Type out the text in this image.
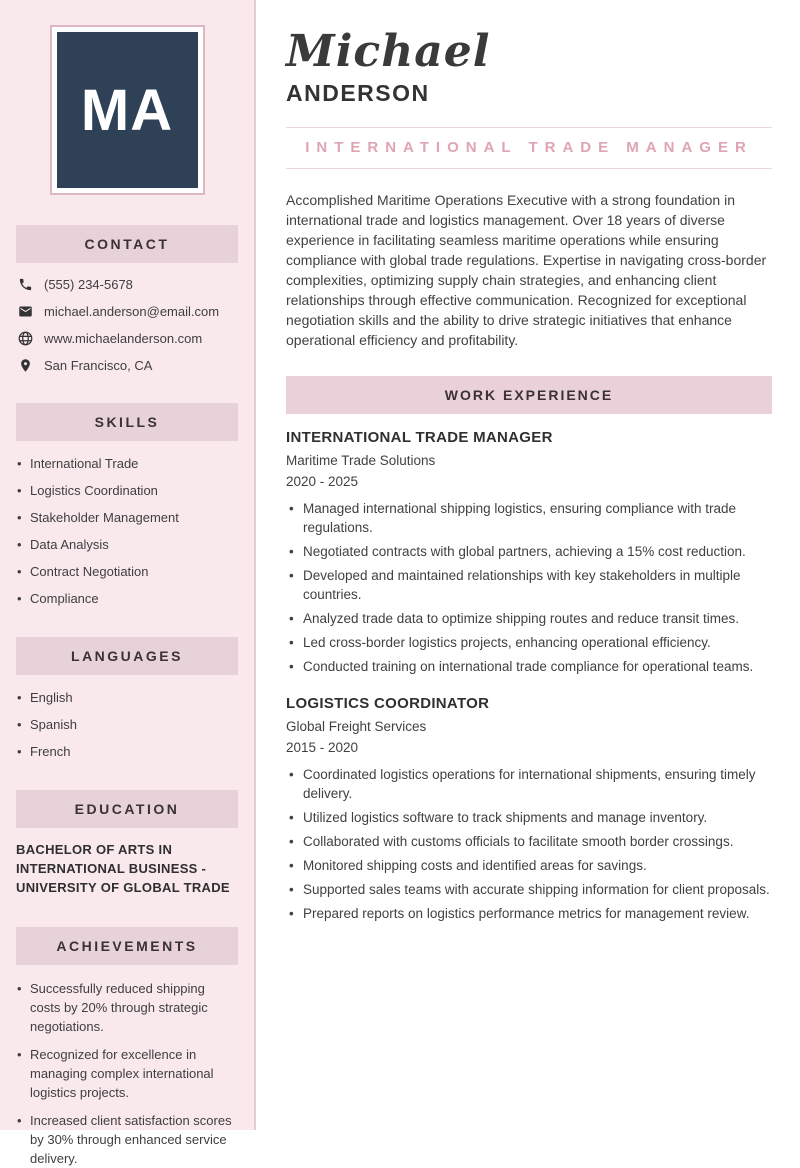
MA
CONTACT
(555) 234-5678
michael.anderson@email.com
www.michaelanderson.com
San Francisco, CA
SKILLS
• International Trade
• Logistics Coordination
• Stakeholder Management
• Data Analysis
• Contract Negotiation
• Compliance
LANGUAGES
• English
• Spanish
• French
EDUCATION
BACHELOR OF ARTS IN INTERNATIONAL BUSINESS - UNIVERSITY OF GLOBAL TRADE
ACHIEVEMENTS
• Successfully reduced shipping costs by 20% through strategic negotiations.
• Recognized for excellence in managing complex international logistics projects.
• Increased client satisfaction scores by 30% through enhanced service delivery.
Michael
ANDERSON
INTERNATIONAL TRADE MANAGER

Accomplished Maritime Operations Executive with a strong foundation in international trade and logistics management. Over 18 years of diverse experience in facilitating seamless maritime operations while ensuring compliance with global trade regulations. Expertise in navigating cross-border complexities, optimizing supply chain strategies, and enhancing client relationships through effective communication. Recognized for exceptional negotiation skills and the ability to drive strategic initiatives that enhance operational efficiency and profitability.

WORK EXPERIENCE
INTERNATIONAL TRADE MANAGER
Maritime Trade Solutions
2020 - 2025
• Managed international shipping logistics, ensuring compliance with trade regulations.
• Negotiated contracts with global partners, achieving a 15% cost reduction.
• Developed and maintained relationships with key stakeholders in multiple countries.
• Analyzed trade data to optimize shipping routes and reduce transit times.
• Led cross-border logistics projects, enhancing operational efficiency.
• Conducted training on international trade compliance for operational teams.
LOGISTICS COORDINATOR
Global Freight Services
2015 - 2020
• Coordinated logistics operations for international shipments, ensuring timely delivery.
• Utilized logistics software to track shipments and manage inventory.
• Collaborated with customs officials to facilitate smooth border crossings.
• Monitored shipping costs and identified areas for savings.
• Supported sales teams with accurate shipping information for client proposals.
• Prepared reports on logistics performance metrics for management review.
